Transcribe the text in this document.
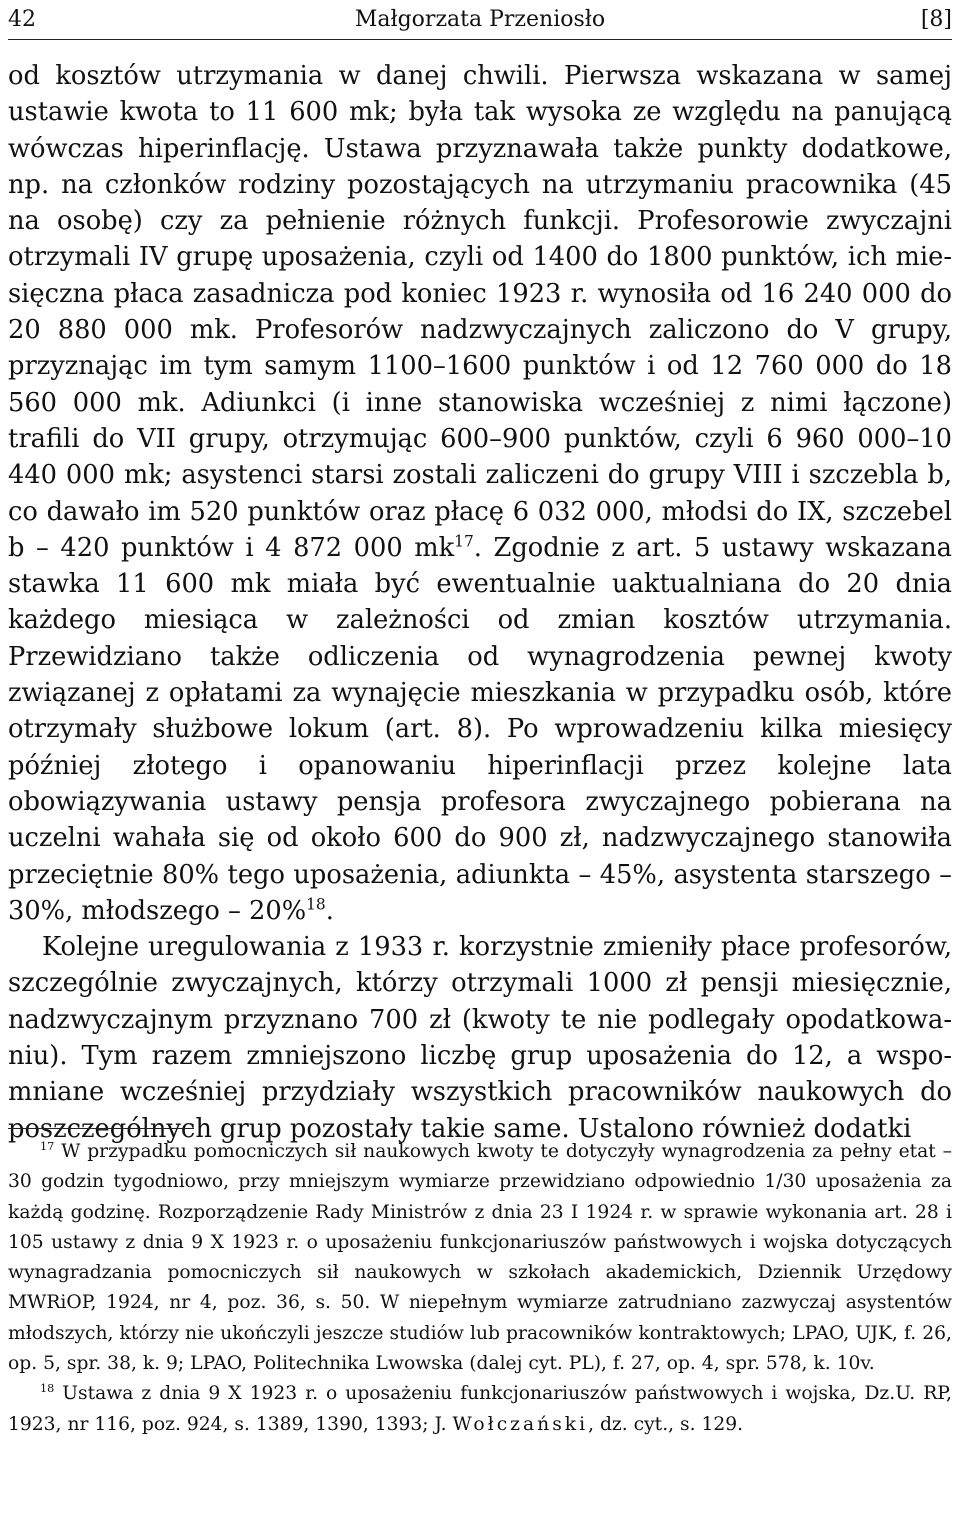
42	Małgorzata Przeniosło	[8]

od kosztów utrzymania w danej chwili. Pierwsza wskazana w samej ustawie kwota to 11 600 mk; była tak wysoka ze względu na panującą wówczas hiperinflację. Ustawa przyznawała także punkty dodatkowe, np. na członków rodziny pozostających na utrzymaniu pracownika (45 na osobę) czy za pełnienie różnych funkcji. Profesorowie zwyczajni otrzymali IV grupę uposażenia, czyli od 1400 do 1800 punktów, ich miesięczna płaca zasadnicza pod koniec 1923 r. wynosiła od 16 240 000 do 20 880 000 mk. Profesorów nadzwyczajnych zaliczono do V grupy, przyznając im tym samym 1100–1600 punktów i od 12 760 000 do 18 560 000 mk. Adiunkci (i inne stanowiska wcześniej z nimi łączone) trafili do VII grupy, otrzymując 600–900 punktów, czyli 6 960 000–10 440 000 mk; asystenci starsi zostali zaliczeni do grupy VIII i szczebla b, co dawało im 520 punktów oraz płacę 6 032 000, młodsi do IX, szczebel b – 420 punktów i 4 872 000 $mk^{17}$. Zgodnie z art. 5 ustawy wskazana stawka 11 600 mk miała być ewentualnie uaktualniana do 20 dnia każdego miesiąca w zależności od zmian kosztów utrzymania. Przewidziano także odliczenia od wynagrodzenia pewnej kwoty związanej z opłatami za wynajęcie mieszkania w przypadku osób, które otrzymały służbowe lokum (art. 8). Po wprowadzeniu kilka miesięcy później złotego i opanowaniu hiperinflacji przez kolejne lata obowiązywania ustawy pensja profesora zwyczajnego pobierana na uczelni wahała się od około 600 do 900 zł, nadzwyczajnego stanowiła przeciętnie 80% tego uposażenia, adiunkta – 45%, asystenta starszego – 30%, młodszego – 20%$^{18}$.

Kolejne uregulowania z 1933 r. korzystnie zmieniły płace profesorów, szczególnie zwyczajnych, którzy otrzymali 1000 zł pensji miesięcznie, nadzwyczajnym przyznano 700 zł (kwoty te nie podlegały opodatkowaniu). Tym razem zmniejszono liczbę grup uposażenia do 12, a wspomniane wcześniej przydziały wszystkich pracowników naukowych do poszczególnych grup pozostały takie same. Ustalono również dodatki

$^{17}$ W przypadku pomocniczych sił naukowych kwoty te dotyczyły wynagrodzenia za pełny etat – 30 godzin tygodniowo, przy mniejszym wymiarze przewidziano odpowiednio 1/30 uposażenia za każdą godzinę. Rozporządzenie Rady Ministrów z dnia 23 I 1924 r. w sprawie wykonania art. 28 i 105 ustawy z dnia 9 X 1923 r. o uposażeniu funkcjonariuszów państwowych i wojska dotyczących wynagradzania pomocniczych sił naukowych w szkołach akademickich, Dziennik Urzędowy MWRiOP, 1924, nr 4, poz. 36, s. 50. W niepełnym wymiarze zatrudniano zazwyczaj asystentów młodszych, którzy nie ukończyli jeszcze studiów lub pracowników kontraktowych; LPAO, UJK, f. 26, op. 5, spr. 38, k. 9; LPAO, Politechnika Lwowska (dalej cyt. PL), f. 27, op. 4, spr. 578, k. 10v.

$^{18}$ Ustawa z dnia 9 X 1923 r. o uposażeniu funkcjonariuszów państwowych i wojska, Dz.U. RP, 1923, nr 116, poz. 924, s. 1389, 1390, 1393; J. Wołczański, dz. cyt., s. 129.
